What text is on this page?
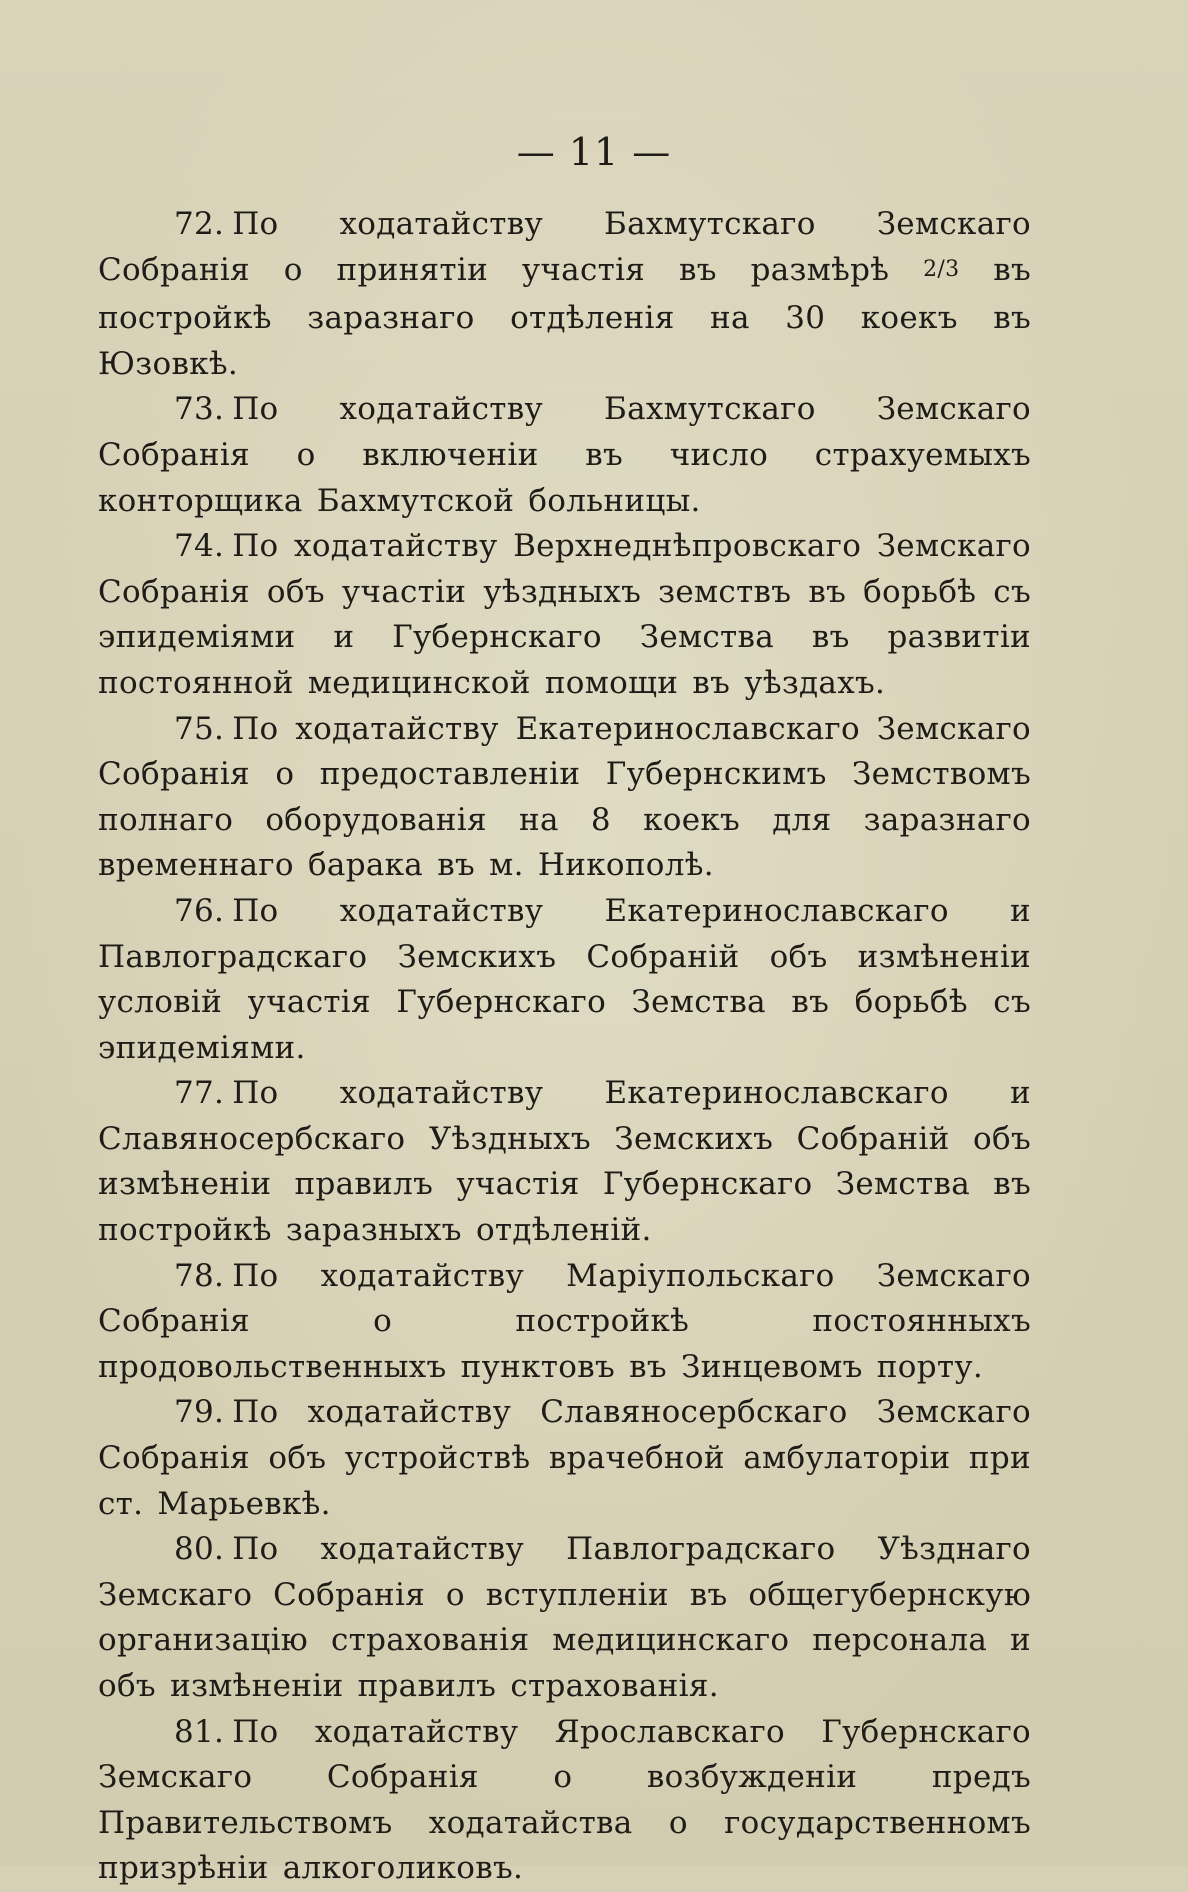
— 11 —

72. По ходатайству Бахмутскаго Земскаго Собранія о принятіи участія въ размѣрѣ 2/3 въ постройкѣ заразнаго отдѣленія на 30 коекъ въ Юзовкѣ.

73. По ходатайству Бахмутскаго Земскаго Собранія о включеніи въ число страхуемыхъ конторщика Бахмутской больницы.

74. По ходатайству Верхнеднѣпровскаго Земскаго Собранія объ участіи уѣздныхъ земствъ въ борьбѣ съ эпидеміями и Губернскаго Земства въ развитіи постоянной медицинской помощи въ уѣздахъ.

75. По ходатайству Екатеринославскаго Земскаго Собранія о предоставленіи Губернскимъ Земствомъ полнаго оборудованія на 8 коекъ для заразнаго временнаго барака въ м. Никополѣ.

76. По ходатайству Екатеринославскаго и Павлоградскаго Земскихъ Собраній объ измѣненіи условій участія Губернскаго Земства въ борьбѣ съ эпидеміями.

77. По ходатайству Екатеринославскаго и Славяносербскаго Уѣздныхъ Земскихъ Собраній объ измѣненіи правилъ участія Губернскаго Земства въ постройкѣ заразныхъ отдѣленій.

78. По ходатайству Маріупольскаго Земскаго Собранія о постройкѣ постоянныхъ продовольственныхъ пунктовъ въ Зинцевомъ порту.

79. По ходатайству Славяносербскаго Земскаго Собранія объ устройствѣ врачебной амбулаторіи при ст. Марьевкѣ.

80. По ходатайству Павлоградскаго Уѣзднаго Земскаго Собранія о вступленіи въ общегубернскую организацію страхованія медицинскаго персонала и объ измѣненіи правилъ страхованія.

81. По ходатайству Ярославскаго Губернскаго Земскаго Собранія о возбужденіи предъ Правительствомъ ходатайства о государственномъ призрѣніи алкоголиковъ.
